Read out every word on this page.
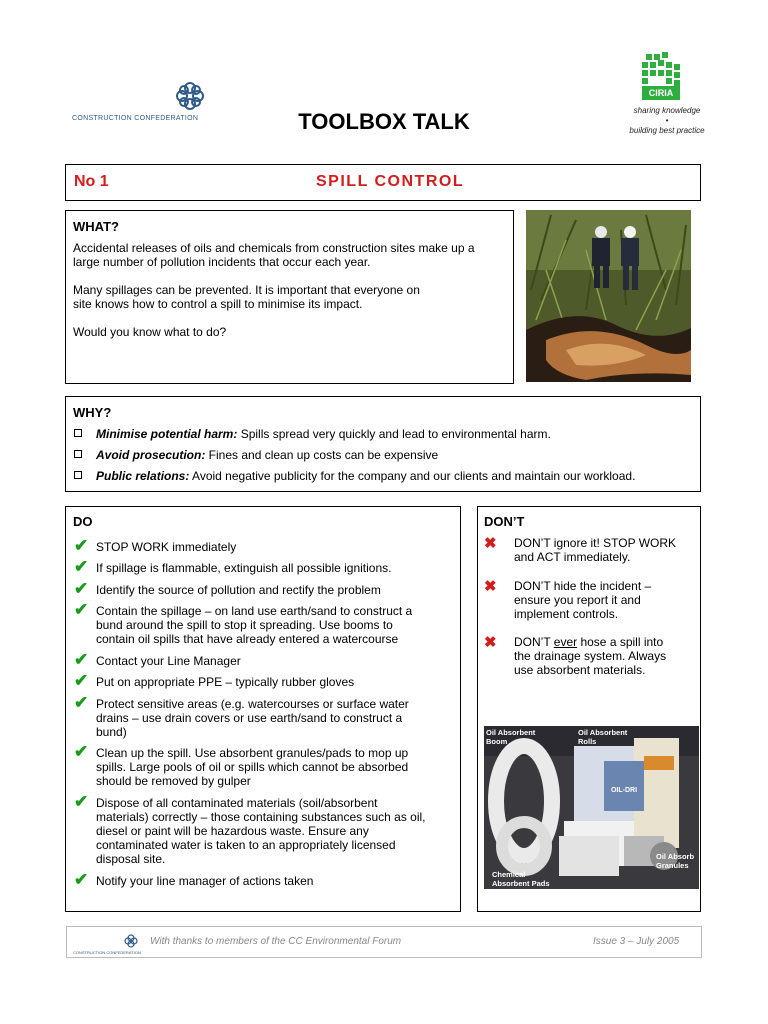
CONSTRUCTION CONFEDERATION	TOOLBOX TALK
CIRIA
sharing knowledge
•
building best practice
No 1	SPILL CONTROL
WHAT?
Accidental releases of oils and chemicals from construction sites make up a
large number of pollution incidents that occur each year.
Many spillages can be prevented. It is important that everyone on
site knows how to control a spill to minimise its impact.
Would you know what to do?
WHY?
Minimise potential harm: Spills spread very quickly and lead to environmental harm.
Avoid prosecution: Fines and clean up costs can be expensive
Public relations: Avoid negative publicity for the company and our clients and maintain our workload.
DO
✔ STOP WORK immediately
✔ If spillage is flammable, extinguish all possible ignitions.
✔ Identify the source of pollution and rectify the problem
✔ Contain the spillage – on land use earth/sand to construct a
bund around the spill to stop it spreading. Use booms to
contain oil spills that have already entered a watercourse
✔ Contact your Line Manager
✔ Put on appropriate PPE – typically rubber gloves
✔ Protect sensitive areas (e.g. watercourses or surface water
drains – use drain covers or use earth/sand to construct a
bund)
✔ Clean up the spill. Use absorbent granules/pads to mop up
spills. Large pools of oil or spills which cannot be absorbed
should be removed by gulper
✔ Dispose of all contaminated materials (soil/absorbent
materials) correctly – those containing substances such as oil,
diesel or paint will be hazardous waste. Ensure any
contaminated water is taken to an appropriately licensed
disposal site.
✔ Notify your line manager of actions taken
DON’T
✖ DON’T ignore it! STOP WORK
and ACT immediately.
✖ DON’T hide the incident –
ensure you report it and
implement controls.
✖ DON’T ever hose a spill into
the drainage system. Always
use absorbent materials.
OIL-DRI
Oil Absorbent
Boom
Oil Absorbent
Rolls
Oil Absorb
Granules
Chemical
Absorbent Pads
CONSTRUCTION CONFEDERATION
With thanks to members of the CC Environmental Forum	Issue 3 – July 2005
